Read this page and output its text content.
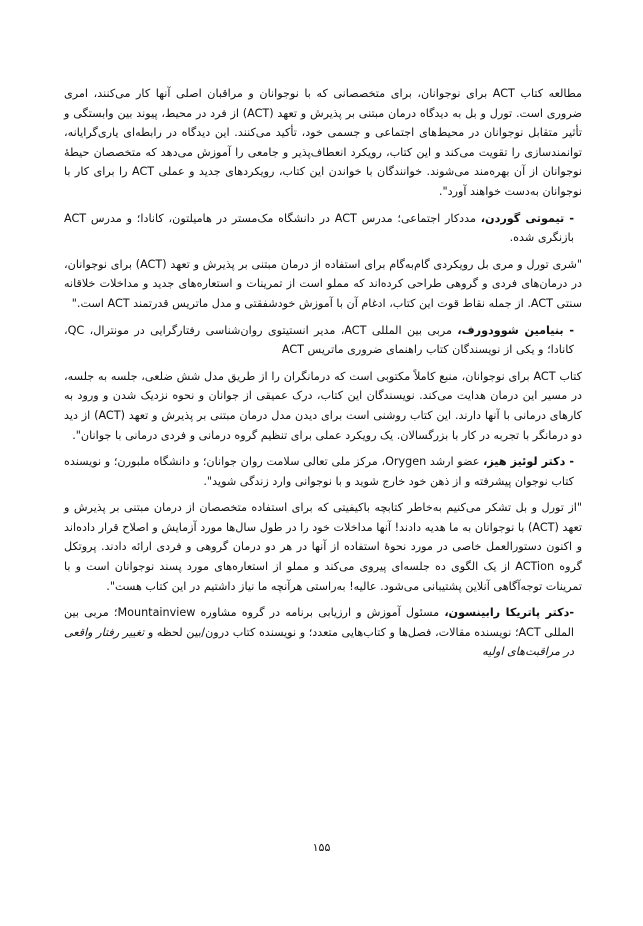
مطالعه کتاب ACT برای نوجوانان، برای متخصصانی که با نوجوانان و مراقبان اصلی آنها کار می‌کنند، امری ضروری است. تورل و بل به دیدگاه درمان مبتنی بر پذیرش و تعهد (ACT) از فرد در محیط، پیوند بین وابستگی و تأثیر متقابل نوجوانان در محیط‌های اجتماعی و جسمی خود، تأکید می‌کنند. این دیدگاه در رابطه‌ای یاری‌گرایانه، توانمندسازی را تقویت می‌کند و این کتاب، رویکرد انعطاف‌پذیر و جامعی را آموزش می‌دهد که متخصصان حیطهٔ نوجوانان از آن بهره‌مند می‌شوند. خوانندگان با خواندن این کتاب، رویکردهای جدید و عملی ACT را برای کار با نوجوانان به‌دست خواهند آورد".

- تیموتی گوردن، مددکار اجتماعی؛ مدرس ACT در دانشگاه مک‌مستر در هامیلتون، کانادا؛ و مدرس ACT بازنگری شده.

"شری تورل و مری بل رویکردی گام‌به‌گام برای استفاده از درمان مبتنی بر پذیرش و تعهد (ACT) برای نوجوانان، در درمان‌های فردی و گروهی طراحی کرده‌اند که مملو است از تمرینات و استعاره‌های جدید و مداخلات خلاقانه سنتی ACT. از جمله نقاط قوت این کتاب، ادغام آن با آموزش خودشفقتی و مدل ماتریس قدرتمند ACT است."

- بنیامین شوودورف، مربی بین المللی ACT، مدیر انستیتوی روان‌شناسی رفتارگرایی در مونترال، QC، کانادا؛ و یکی از نویسندگان کتاب راهنمای ضروری ماتریس ACT

کتاب ACT برای نوجوانان، منبع کاملاً مکتوبی است که درمانگران را از طریق مدل شش ضلعی، جلسه به جلسه، در مسیر این درمان هدایت می‌کند. نویسندگان این کتاب، درک عمیقی از جوانان و نحوه نزدیک شدن و ورود به کارهای درمانی با آنها دارند. این کتاب روشنی است برای دیدن مدل درمان مبتنی بر پذیرش و تعهد (ACT) از دید دو درمانگر با تجربه در کار با بزرگسالان. یک رویکرد عملی برای تنظیم گروه درمانی و فردی درمانی با جوانان".

- دکتر لوئیز هیز، عضو ارشد Orygen، مرکز ملی تعالی سلامت روان جوانان؛ و دانشگاه ملبورن؛ و نویسنده کتاب نوجوان پیشرفته و از ذهن خود خارج شوید و با نوجوانی وارد زندگی شوید".

"از تورل و بل تشکر می‌کنیم به‌خاطر کتابچه باکیفیتی که برای استفاده متخصصان از درمان مبتنی بر پذیرش و تعهد (ACT) با نوجوانان به ما هدیه دادند! آنها مداخلات خود را در طول سال‌ها مورد آزمایش و اصلاح قرار داده‌اند و اکنون دستورالعمل خاصی در مورد نحوهٔ استفاده از آنها در هر دو درمان گروهی و فردی ارائه دادند. پروتکل گروه ACTion از یک الگوی ده جلسه‌ای پیروی می‌کند و مملو از استعاره‌های مورد پسند نوجوانان است و با تمرینات توجه‌آگاهی آنلاین پشتیبانی می‌شود. عالیه! به‌راستی هرآنچه ما نیاز داشتیم در این کتاب هست".

-دکتر پاتریکا رابینسون، مسئول آموزش و ارزیابی برنامه در گروه مشاوره Mountainview؛ مربی بین المللی ACT؛ نویسنده مقالات، فصل‌ها و کتاب‌هایی متعدد؛ و نویسنده کتاب درون/بین لحظه و تغییر رفتار واقعی در مراقبت‌های اولیه

۱۵۵
